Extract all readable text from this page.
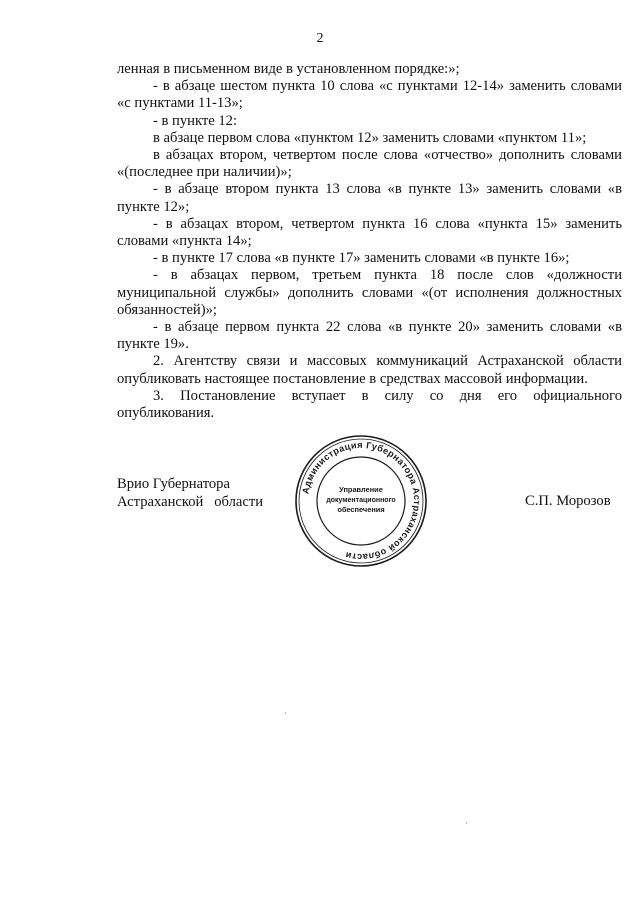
2

ленная в письменном виде в установленном порядке:»;

- в абзаце шестом пункта 10 слова «с пунктами 12-14» заменить словами «с пунктами 11-13»;

- в пункте 12:

в абзаце первом слова «пунктом 12» заменить словами «пунктом 11»;

в абзацах втором, четвертом после слова «отчество» дополнить словами «(последнее при наличии)»;

- в абзаце втором пункта 13 слова «в пункте 13» заменить словами «в пункте 12»;

- в абзацах втором, четвертом пункта 16 слова «пункта 15» заменить словами «пункта 14»;

- в пункте 17 слова «в пункте 17» заменить словами «в пункте 16»;

- в абзацах первом, третьем пункта 18 после слов «должности муниципальной службы» дополнить словами «(от исполнения должностных обязанностей)»;

- в абзаце первом пункта 22 слова «в пункте 20» заменить словами «в пункте 19».

2. Агентству связи и массовых коммуникаций Астраханской области опубликовать настоящее постановление в средствах массовой информации.

3. Постановление вступает в силу со дня его официального опубликования.

Врио Губернатора
Астраханской   области
Администрация Губернатора Астраханской области
Управление
документационного
обеспечения
С.П. Морозов
